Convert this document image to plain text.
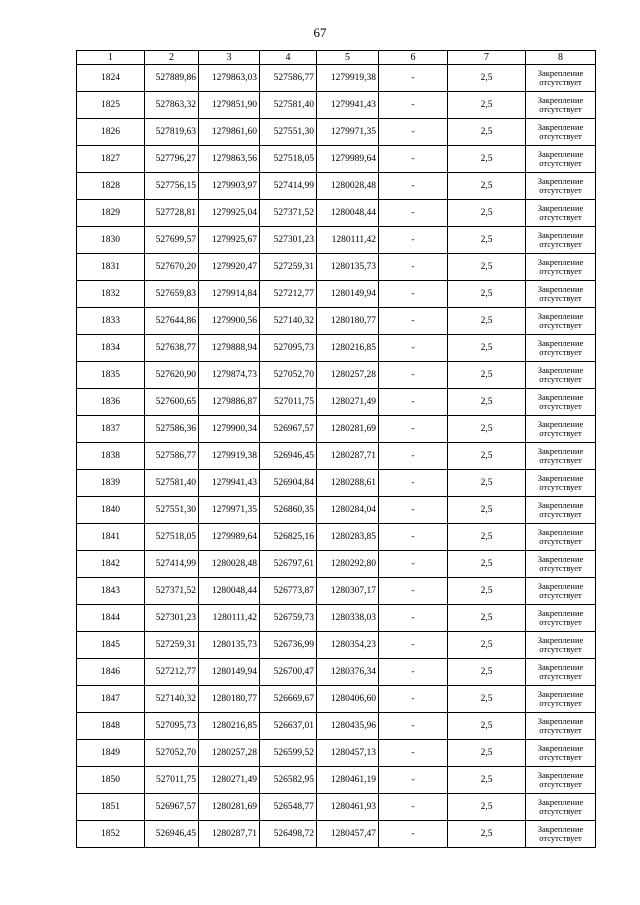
67
1	2	3	4	5	6	7	8
1824	527889,86	1279863,03	527586,77	1279919,38	-	2,5	Закрепление отсутствует
1825	527863,32	1279851,90	527581,40	1279941,43	-	2,5	Закрепление отсутствует
1826	527819,63	1279861,60	527551,30	1279971,35	-	2,5	Закрепление отсутствует
1827	527796,27	1279863,56	527518,05	1279989,64	-	2,5	Закрепление отсутствует
1828	527756,15	1279903,97	527414,99	1280028,48	-	2,5	Закрепление отсутствует
1829	527728,81	1279925,04	527371,52	1280048,44	-	2,5	Закрепление отсутствует
1830	527699,57	1279925,67	527301,23	1280111,42	-	2,5	Закрепление отсутствует
1831	527670,20	1279920,47	527259,31	1280135,73	-	2,5	Закрепление отсутствует
1832	527659,83	1279914,84	527212,77	1280149,94	-	2,5	Закрепление отсутствует
1833	527644,86	1279900,56	527140,32	1280180,77	-	2,5	Закрепление отсутствует
1834	527638,77	1279888,94	527095,73	1280216,85	-	2,5	Закрепление отсутствует
1835	527620,90	1279874,73	527052,70	1280257,28	-	2,5	Закрепление отсутствует
1836	527600,65	1279886,87	527011,75	1280271,49	-	2,5	Закрепление отсутствует
1837	527586,36	1279900,34	526967,57	1280281,69	-	2,5	Закрепление отсутствует
1838	527586,77	1279919,38	526946,45	1280287,71	-	2,5	Закрепление отсутствует
1839	527581,40	1279941,43	526904,84	1280288,61	-	2,5	Закрепление отсутствует
1840	527551,30	1279971,35	526860,35	1280284,04	-	2,5	Закрепление отсутствует
1841	527518,05	1279989,64	526825,16	1280283,85	-	2,5	Закрепление отсутствует
1842	527414,99	1280028,48	526797,61	1280292,80	-	2,5	Закрепление отсутствует
1843	527371,52	1280048,44	526773,87	1280307,17	-	2,5	Закрепление отсутствует
1844	527301,23	1280111,42	526759,73	1280338,03	-	2,5	Закрепление отсутствует
1845	527259,31	1280135,73	526736,99	1280354,23	-	2,5	Закрепление отсутствует
1846	527212,77	1280149,94	526700,47	1280376,34	-	2,5	Закрепление отсутствует
1847	527140,32	1280180,77	526669,67	1280406,60	-	2,5	Закрепление отсутствует
1848	527095,73	1280216,85	526637,01	1280435,96	-	2,5	Закрепление отсутствует
1849	527052,70	1280257,28	526599,52	1280457,13	-	2,5	Закрепление отсутствует
1850	527011,75	1280271,49	526582,95	1280461,19	-	2,5	Закрепление отсутствует
1851	526967,57	1280281,69	526548,77	1280461,93	-	2,5	Закрепление отсутствует
1852	526946,45	1280287,71	526498,72	1280457,47	-	2,5	Закрепление отсутствует
